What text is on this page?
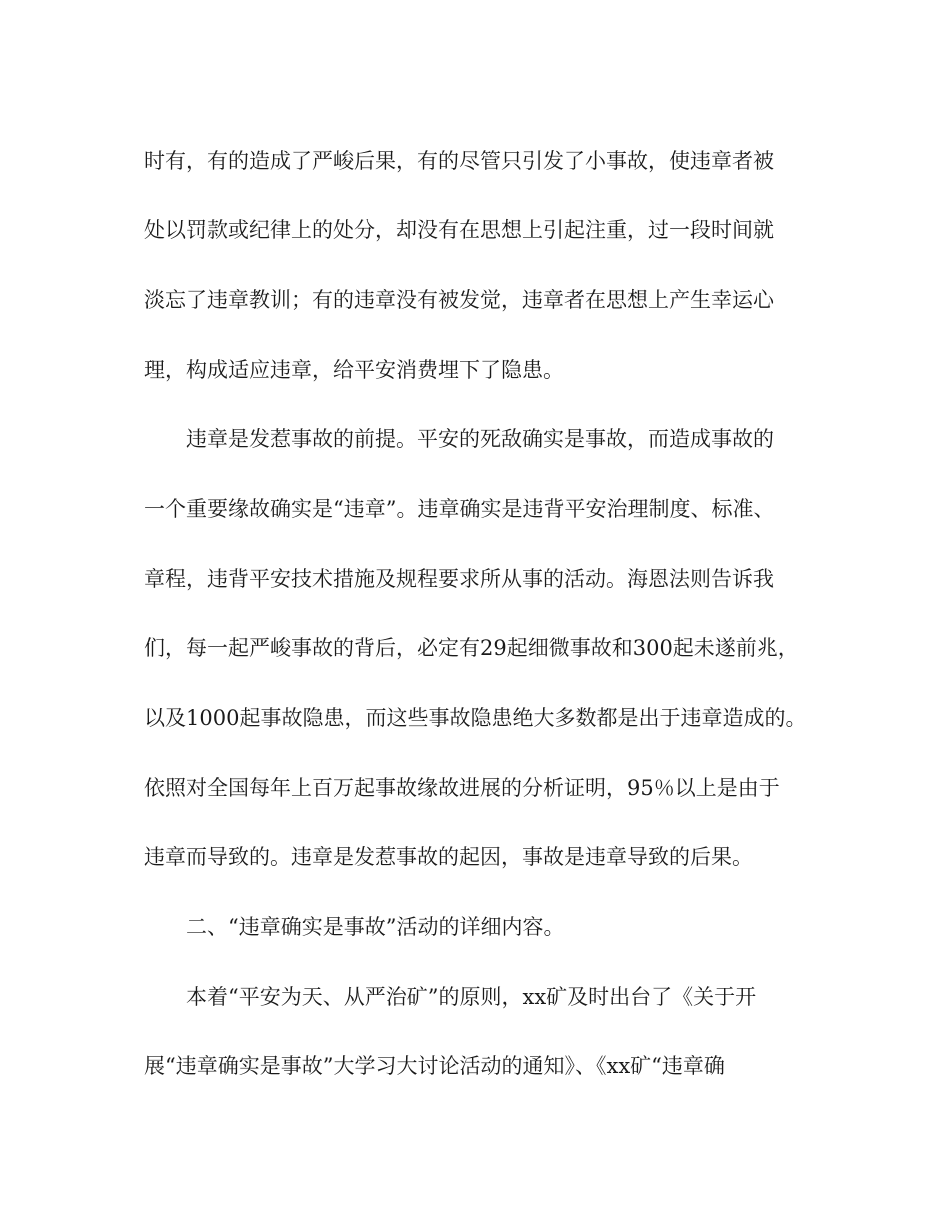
时有，有的造成了严峻后果，有的尽管只引发了小事故，使违章者被
处以罚款或纪律上的处分，却没有在思想上引起注重，过一段时间就
淡忘了违章教训；有的违章没有被发觉，违章者在思想上产生幸运心
理，构成适应违章，给平安消费埋下了隐患。
违章是发惹事故的前提。平安的死敌确实是事故，而造成事故的
一个重要缘故确实是“违章”。违章确实是违背平安治理制度、标准、
章程，违背平安技术措施及规程要求所从事的活动。海恩法则告诉我
们，每一起严峻事故的背后，必定有29起细微事故和300起未遂前兆，
以及1000起事故隐患，而这些事故隐患绝大多数都是出于违章造成的。
依照对全国每年上百万起事故缘故进展的分析证明，95％以上是由于
违章而导致的。违章是发惹事故的起因，事故是违章导致的后果。
二、“违章确实是事故”活动的详细内容。
本着“平安为天、从严治矿”的原则，xx矿及时出台了《关于开
展“违章确实是事故”大学习大讨论活动的通知》、《xx矿“违章确
